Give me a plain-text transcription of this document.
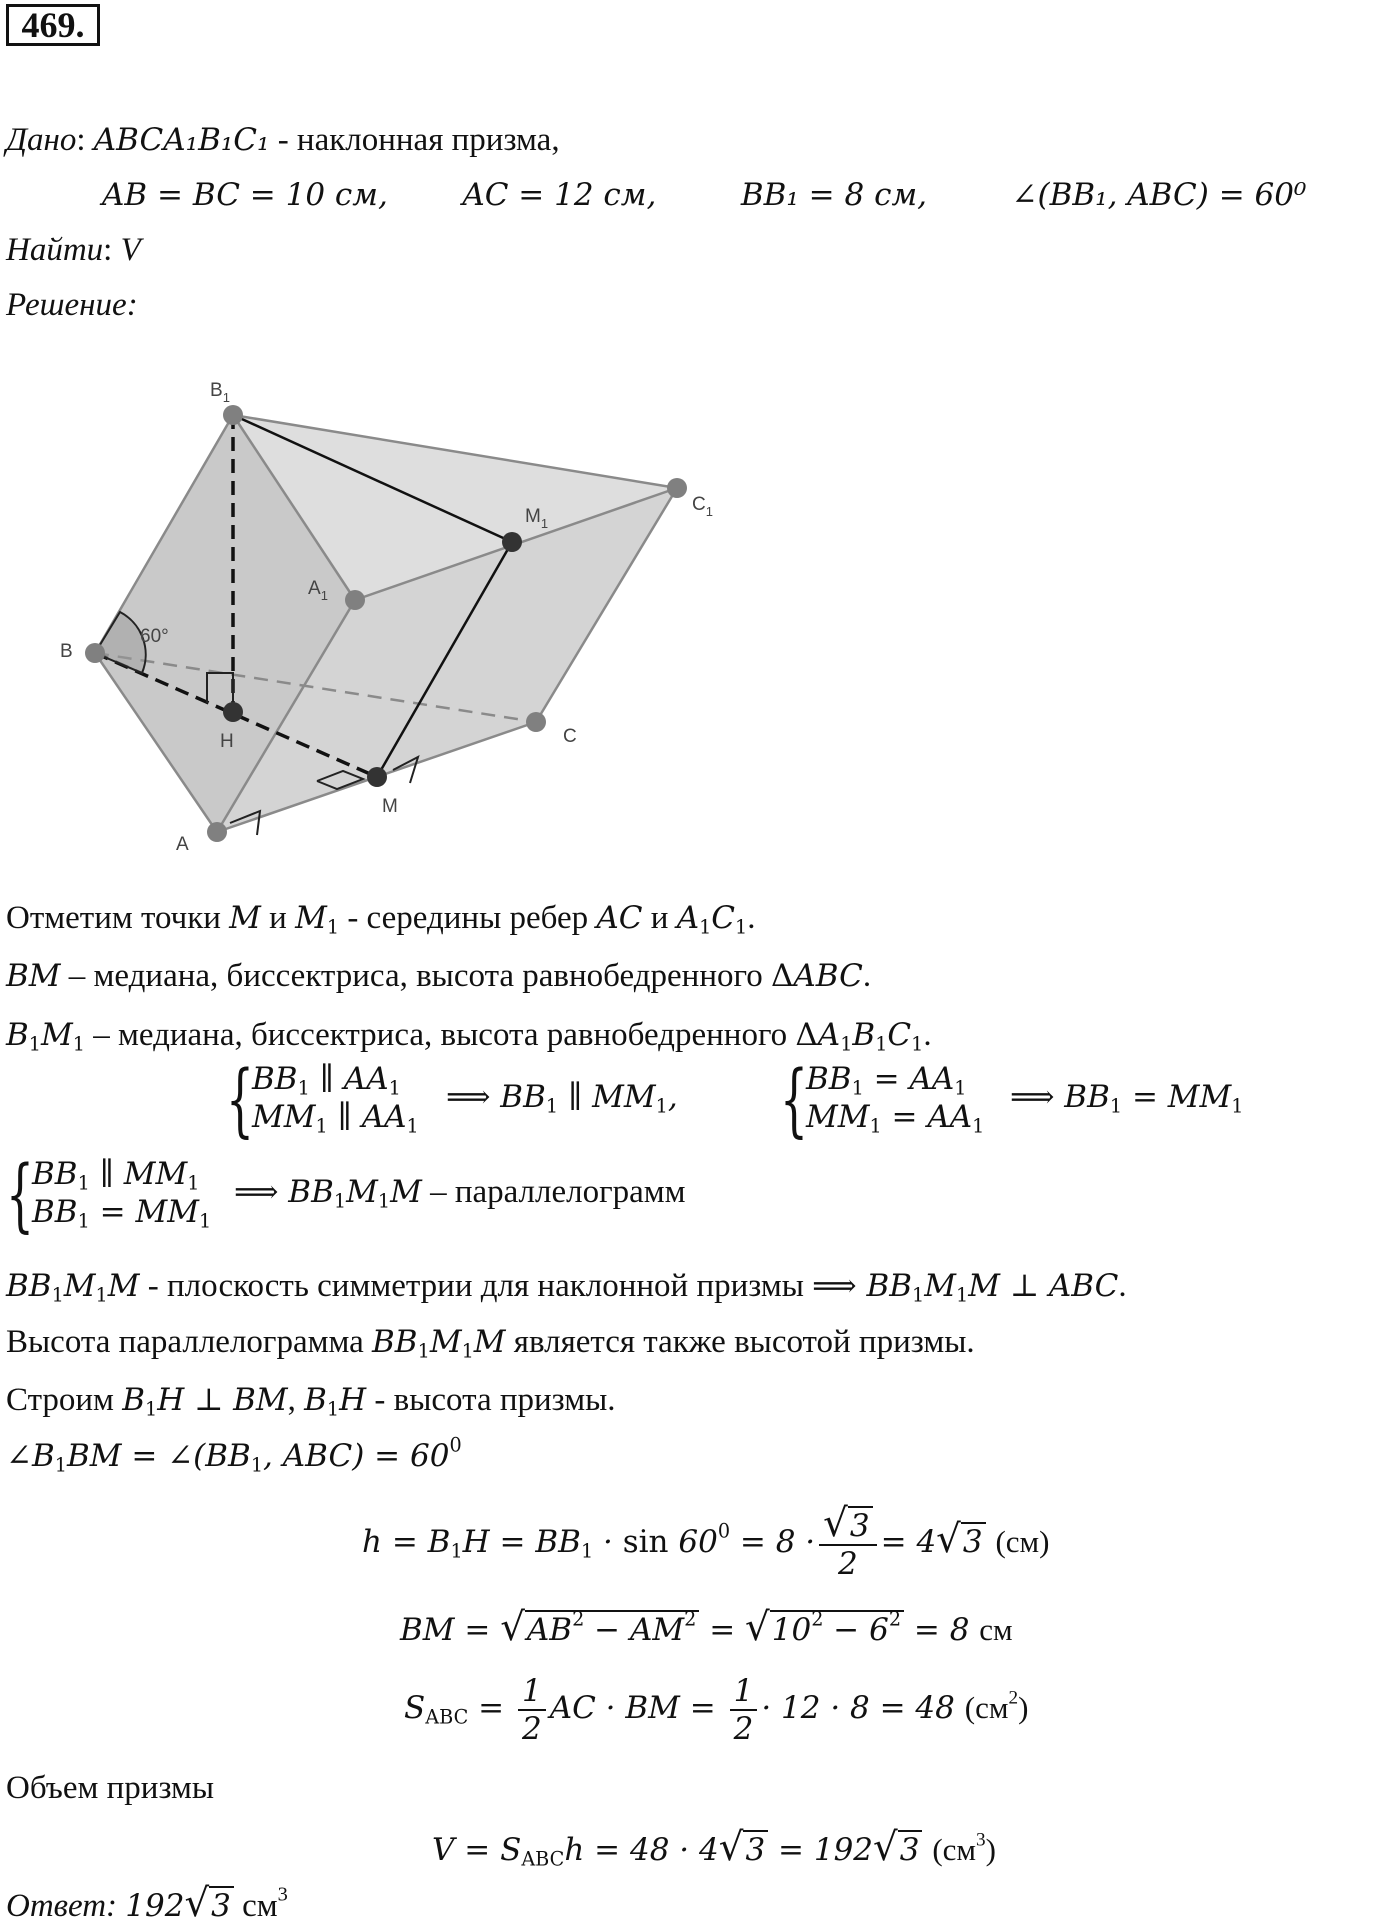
469.
Дано: ABCA₁B₁C₁ - наклонная призма,
AB = BC = 10 см, AC = 12 см,	BB₁ = 8 см,	∠(BB₁, ABC) = 60⁰
Найти: V
Решение:
$B_1$
$C_1$
$M_1$
$A_1$
B
60°
H	C
M
A
Отметим точки M и $M_1$ - середины ребер AC и $A_1C_1$.
BM – медиана, биссектриса, высота равнобедренного ΔABC.
$B_1M_1$ – медиана, биссектриса, высота равнобедренного $\Delta A_1B_1C_1$.
{
$BB_1$ ∥ $AA_1$
$MM_1$ ∥ $AA_1$
⟹ $BB_1$ ∥ $MM_1$, {
$BB_1 = AA_1$
$MM_1 = AA_1$
⟹ $BB_1 = MM_1$
{
$BB_1$ ∥ $MM_1$
$BB_1 = MM_1$
⟹ $BB_1M_1M$ – параллелограмм
$BB_1M_1M$ - плоскость симметрии для наклонной призмы ⟹ $BB_1M_1M$ ⊥ ABC.
Высота параллелограмма $BB_1M_1M$ является также высотой призмы.
Строим $B_1H$ ⊥ BM, $B_1H$ - высота призмы.
$\angle B_1BM$ = $\angle(BB_1$, $ABC) = 60^0$
$h = B_1H = BB_1 \cdot \sin 60^0 = 8 \cdot \frac{√3}{2} = 4√3$ (см)
BM = $√AB^2 - AM^2 = √10^2 - 6^2 = 8$ см
$S_{ABC} = \frac{1}{2}$ AC · BM = $\frac{1}{2} \cdot 12 \cdot 8 = 48$ $(см^2)$
Объем призмы
$V = S_{ABC}h = 48 \cdot 4√3 = 192√3$ $(см^3)$
Ответ: 192√3 $см^3$
